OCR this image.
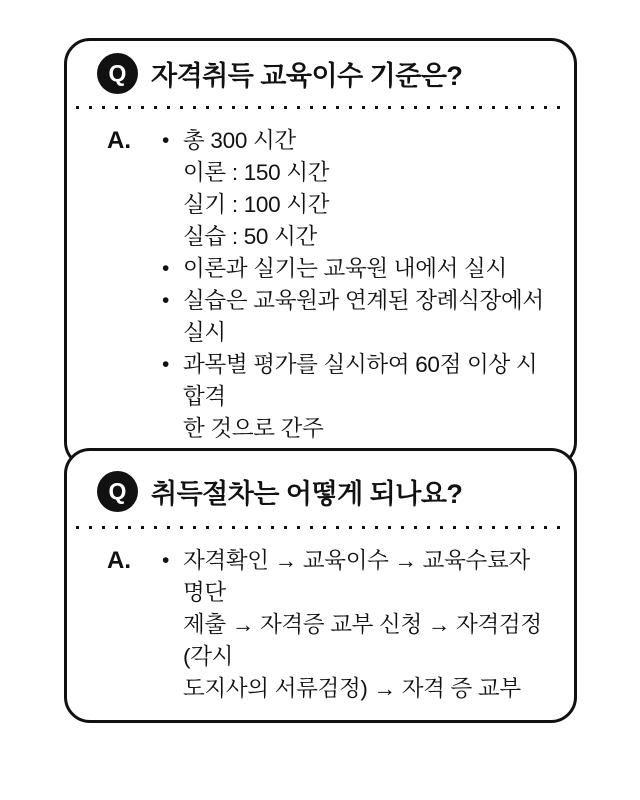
Q 자격취득 교육이수 기준은?
A.	• 총 300 시간
이론 : 150 시간
실기 : 100 시간
실습 : 50 시간
• 이론과 실기는 교육원 내에서 실시
• 실습은 교육원과 연계된 장례식장에서 실시
• 과목별 평가를 실시하여 60점 이상 시 합격
한 것으로 간주
Q 취득절차는 어떻게 되나요?
A.	• 자격확인 → 교육이수 → 교육수료자 명단
제출 → 자격증 교부 신청 → 자격검정(각시
도지사의 서류검정) → 자격 증 교부
